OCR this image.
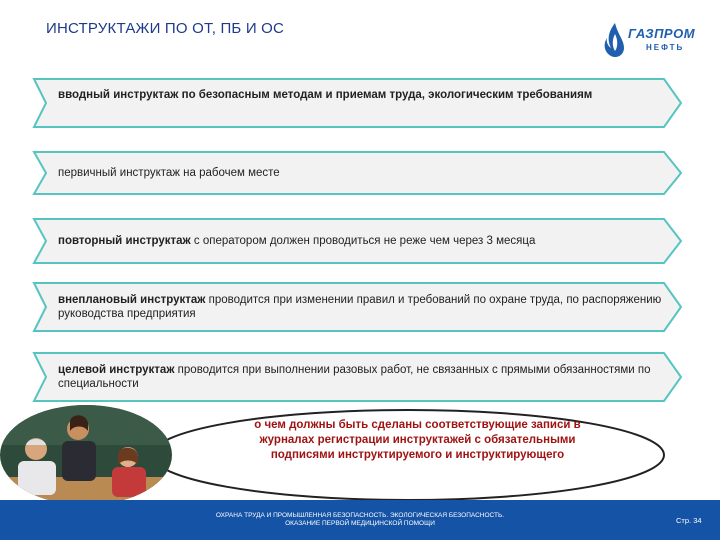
ИНСТРУКТАЖИ ПО ОТ, ПБ И ОС	ГАЗПРОМ
НЕФТЬ
вводный инструктаж по безопасным методам и приемам труда, экологическим требованиям
первичный инструктаж на рабочем месте
повторный инструктаж с оператором должен проводиться не реже чем через 3 месяца
внеплановый инструктаж проводится при изменении правил и требований по охране труда, по распоряжению руководства предприятия
целевой инструктаж проводится при выполнении разовых работ, не связанных с прямыми обязанностями по специальности
о чем должны быть сделаны соответствующие записи в журналах регистрации инструктажей с обязательными подписями инструктируемого и инструктирующего
ОХРАНА ТРУДА И ПРОМЫШЛЕННАЯ БЕЗОПАСНОСТЬ. ЭКОЛОГИЧЕСКАЯ БЕЗОПАСНОСТЬ.
ОКАЗАНИЕ ПЕРВОЙ МЕДИЦИНСКОЙ ПОМОЩИ	Стр. 34
